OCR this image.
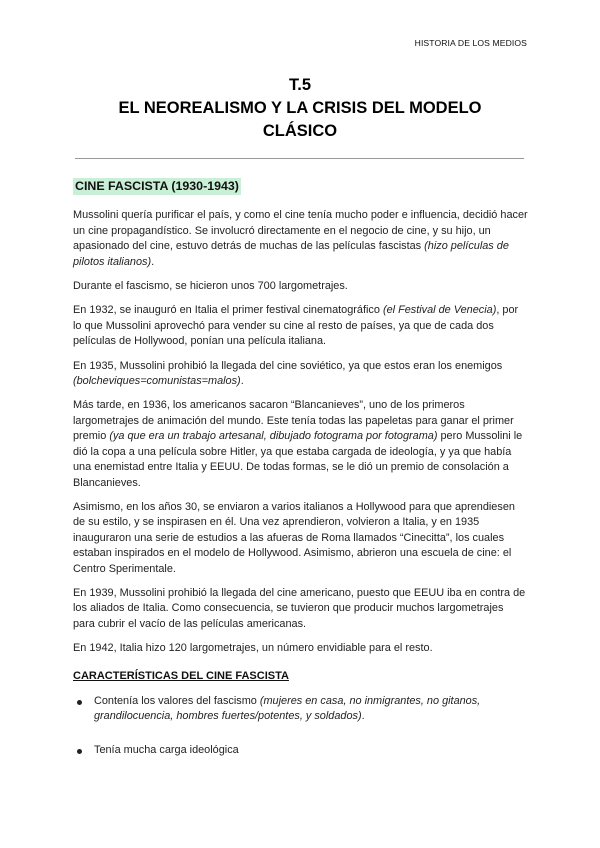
HISTORIA DE LOS MEDIOS
T.5
EL NEOREALISMO Y LA CRISIS DEL MODELO
CLÁSICO
CINE FASCISTA (1930-1943)

Mussolini quería purificar el país, y como el cine tenía mucho poder e influencia, decidió hacer un cine propagandístico. Se involucró directamente en el negocio de cine, y su hijo, un apasionado del cine, estuvo detrás de muchas de las películas fascistas (hizo películas de pilotos italianos).

Durante el fascismo, se hicieron unos 700 largometrajes.

En 1932, se inauguró en Italia el primer festival cinematográfico (el Festival de Venecia), por lo que Mussolini aprovechó para vender su cine al resto de países, ya que de cada dos películas de Hollywood, ponían una película italiana.

En 1935, Mussolini prohibió la llegada del cine soviético, ya que estos eran los enemigos (bolcheviques=comunistas=malos).

Más tarde, en 1936, los americanos sacaron “Blancanieves”, uno de los primeros largometrajes de animación del mundo. Este tenía todas las papeletas para ganar el primer premio (ya que era un trabajo artesanal, dibujado fotograma por fotograma) pero Mussolini le dió la copa a una película sobre Hitler, ya que estaba cargada de ideología, y ya que había una enemistad entre Italia y EEUU. De todas formas, se le dió un premio de consolación a Blancanieves.

Asimismo, en los años 30, se enviaron a varios italianos a Hollywood para que aprendiesen de su estilo, y se inspirasen en él. Una vez aprendieron, volvieron a Italia, y en 1935 inauguraron una serie de estudios a las afueras de Roma llamados “Cinecitta”, los cuales estaban inspirados en el modelo de Hollywood. Asimismo, abrieron una escuela de cine: el Centro Sperimentale.

En 1939, Mussolini prohibió la llegada del cine americano, puesto que EEUU iba en contra de los aliados de Italia. Como consecuencia, se tuvieron que producir muchos largometrajes para cubrir el vacío de las películas americanas.

En 1942, Italia hizo 120 largometrajes, un número envidiable para el resto.

CARACTERÍSTICAS DEL CINE FASCISTA
Contenía los valores del fascismo (mujeres en casa, no inmigrantes, no gitanos, grandilocuencia, hombres fuertes/potentes, y soldados).
Tenía mucha carga ideológica
